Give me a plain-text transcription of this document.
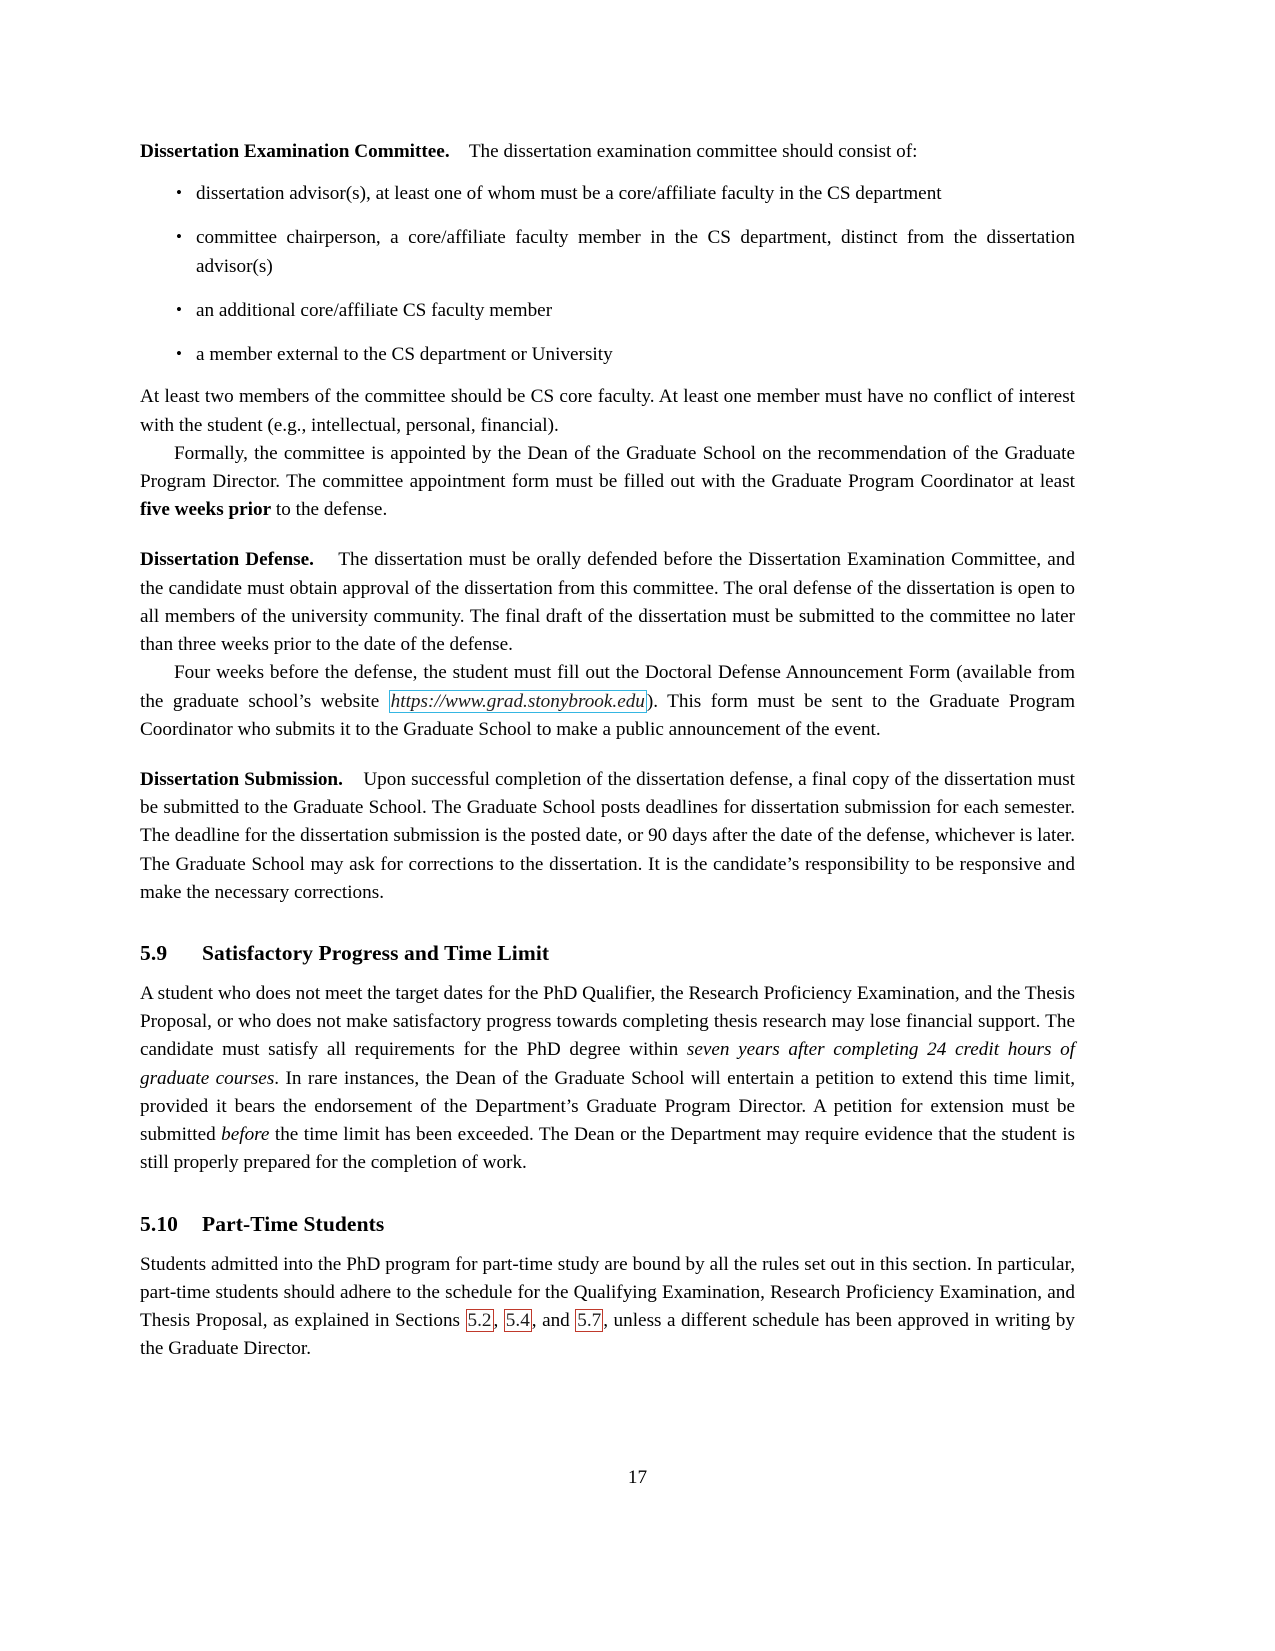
Dissertation Examination Committee. The dissertation examination committee should consist of:

• dissertation advisor(s), at least one of whom must be a core/affiliate faculty in the CS department
• committee chairperson, a core/affiliate faculty member in the CS department, distinct from the dissertation advisor(s)
• an additional core/affiliate CS faculty member
• a member external to the CS department or University

At least two members of the committee should be CS core faculty. At least one member must have no conflict of interest with the student (e.g., intellectual, personal, financial).

Formally, the committee is appointed by the Dean of the Graduate School on the recommendation of the Graduate Program Director. The committee appointment form must be filled out with the Graduate Program Coordinator at least five weeks prior to the defense.

Dissertation Defense. The dissertation must be orally defended before the Dissertation Examination Committee, and the candidate must obtain approval of the dissertation from this committee. The oral defense of the dissertation is open to all members of the university community. The final draft of the dissertation must be submitted to the committee no later than three weeks prior to the date of the defense.

Four weeks before the defense, the student must fill out the Doctoral Defense Announcement Form (available from the graduate school’s website https://www.grad.stonybrook.edu ). This form must be sent to the Graduate Program Coordinator who submits it to the Graduate School to make a public announcement of the event.

Dissertation Submission. Upon successful completion of the dissertation defense, a final copy of the dissertation must be submitted to the Graduate School. The Graduate School posts deadlines for dissertation submission for each semester. The deadline for the dissertation submission is the posted date, or 90 days after the date of the defense, whichever is later. The Graduate School may ask for corrections to the dissertation. It is the candidate’s responsibility to be responsive and make the necessary corrections.

5.9 Satisfactory Progress and Time Limit

A student who does not meet the target dates for the PhD Qualifier, the Research Proficiency Examination, and the Thesis Proposal, or who does not make satisfactory progress towards completing thesis research may lose financial support. The candidate must satisfy all requirements for the PhD degree within seven years after completing 24 credit hours of graduate courses. In rare instances, the Dean of the Graduate School will entertain a petition to extend this time limit, provided it bears the endorsement of the Department’s Graduate Program Director. A petition for extension must be submitted before the time limit has been exceeded. The Dean or the Department may require evidence that the student is still properly prepared for the completion of work.

5.10 Part-Time Students

Students admitted into the PhD program for part-time study are bound by all the rules set out in this section. In particular, part-time students should adhere to the schedule for the Qualifying Examination, Research Proficiency Examination, and Thesis Proposal, as explained in Sections 5.2 , 5.4 , and 5.7 , unless a different schedule has been approved in writing by the Graduate Director.

17
